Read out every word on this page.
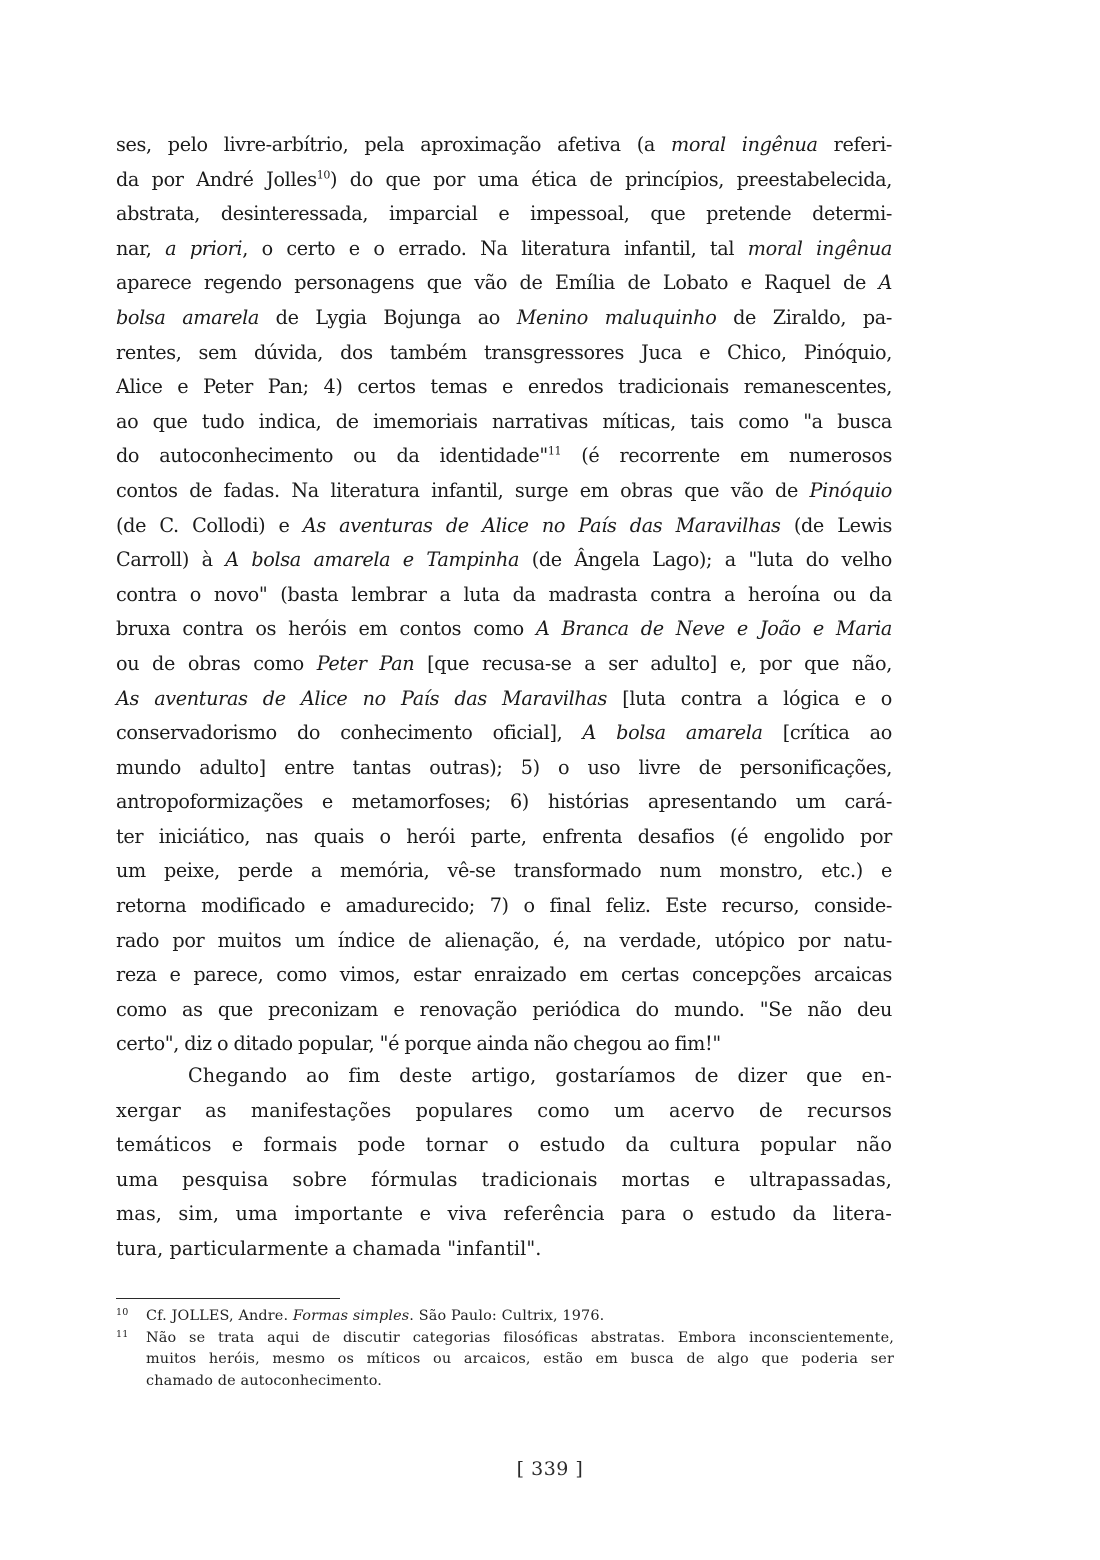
ses, pelo livre-arbítrio, pela aproximação afetiva (a moral ingênua referi-
da por André Jolles$^{10}$) do que por uma ética de princípios, preestabelecida,
abstrata, desinteressada, imparcial e impessoal, que pretende determi-
nar, a priori, o certo e o errado. Na literatura infantil, tal moral ingênua
aparece regendo personagens que vão de Emília de Lobato e Raquel de A
bolsa amarela de Lygia Bojunga ao Menino maluquinho de Ziraldo, pa-
rentes, sem dúvida, dos também transgressores Juca e Chico, Pinóquio,
Alice e Peter Pan; 4) certos temas e enredos tradicionais remanescentes,
ao que tudo indica, de imemoriais narrativas míticas, tais como "a busca
do autoconhecimento ou da identidade"$^{11}$ (é recorrente em numerosos
contos de fadas. Na literatura infantil, surge em obras que vão de Pinóquio
(de C. Collodi) e As aventuras de Alice no País das Maravilhas (de Lewis
Carroll) à A bolsa amarela e Tampinha (de Ângela Lago); a "luta do velho
contra o novo" (basta lembrar a luta da madrasta contra a heroína ou da
bruxa contra os heróis em contos como A Branca de Neve e João e Maria
ou de obras como Peter Pan [que recusa-se a ser adulto] e, por que não,
As aventuras de Alice no País das Maravilhas [luta contra a lógica e o
conservadorismo do conhecimento oficial], A bolsa amarela [crítica ao
mundo adulto] entre tantas outras); 5) o uso livre de personificações,
antropoformizações e metamorfoses; 6) histórias apresentando um cará-
ter iniciático, nas quais o herói parte, enfrenta desafios (é engolido por
um peixe, perde a memória, vê-se transformado num monstro, etc.) e
retorna modificado e amadurecido; 7) o final feliz. Este recurso, conside-
rado por muitos um índice de alienação, é, na verdade, utópico por natu-
reza e parece, como vimos, estar enraizado em certas concepções arcaicas
como as que preconizam e renovação periódica do mundo. "Se não deu
certo", diz o ditado popular, "é porque ainda não chegou ao fim!"
Chegando ao fim deste artigo, gostaríamos de dizer que en-
xergar as manifestações populares como um acervo de recursos
temáticos e formais pode tornar o estudo da cultura popular não
uma pesquisa sobre fórmulas tradicionais mortas e ultrapassadas,
mas, sim, uma importante e viva referência para o estudo da litera-
tura, particularmente a chamada "infantil".
10 Cf. JOLLES, Andre. Formas simples. São Paulo: Cultrix, 1976.
11 Não se trata aqui de discutir categorias filosóficas abstratas. Embora inconscientemente,
muitos heróis, mesmo os míticos ou arcaicos, estão em busca de algo que poderia ser
chamado de autoconhecimento.
[ 339 ]
